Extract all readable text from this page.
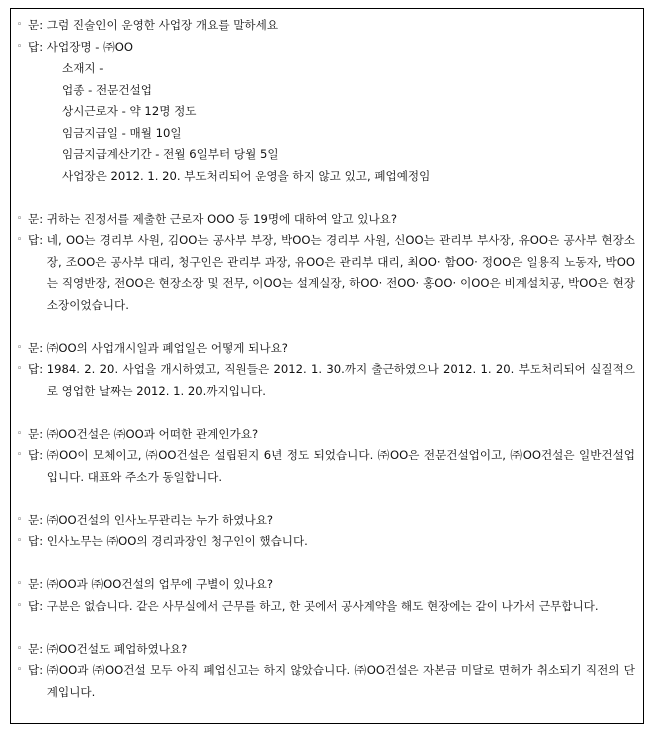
◦ 문: 그럼 진술인이 운영한 사업장 개요를 말하세요
◦ 답: 사업장명 - ㈜OO
소재지 -
업종 - 전문건설업
상시근로자 - 약 12명 정도
임금지급일 - 매월 10일
임금지급계산기간 - 전월 6일부터 당월 5일
사업장은 2012. 1. 20. 부도처리되어 운영을 하지 않고 있고, 폐업예정임
◦ 문: 귀하는 진정서를 제출한 근로자 OOO 등 19명에 대하여 알고 있나요?
◦ 답: 네, OO는 경리부 사원, 김OO는 공사부 부장, 박OO는 경리부 사원, 신OO는 관리부 부사장, 유OO은 공사부 현장소장, 조OO은 공사부 대리, 청구인은 관리부 과장, 유OO은 관리부 대리, 최OO· 함OO· 정OO은 일용직 노동자, 박OO는 직영반장, 전OO은 현장소장 및 전무, 이OO는 설계실장, 하OO· 전OO· 홍OO· 이OO은 비계설치공, 박OO은 현장소장이었습니다.
◦ 문: ㈜OO의 사업개시일과 폐업일은 어떻게 되나요?
◦ 답: 1984. 2. 20. 사업을 개시하였고, 직원들은 2012. 1. 30.까지 출근하였으나 2012. 1. 20. 부도처리되어 실질적으로 영업한 날짜는 2012. 1. 20.까지입니다.
◦ 문: ㈜OO건설은 ㈜OO과 어떠한 관계인가요?
◦ 답: ㈜OO이 모체이고, ㈜OO건설은 설립된지 6년 정도 되었습니다. ㈜OO은 전문건설업이고, ㈜OO건설은 일반건설업입니다. 대표와 주소가 동일합니다.
◦ 문: ㈜OO건설의 인사노무관리는 누가 하였나요?
◦ 답: 인사노무는 ㈜OO의 경리과장인 청구인이 했습니다.
◦ 문: ㈜OO과 ㈜OO건설의 업무에 구별이 있나요?
◦ 답: 구분은 없습니다. 같은 사무실에서 근무를 하고, 한 곳에서 공사계약을 해도 현장에는 같이 나가서 근무합니다.
◦ 문: ㈜OO건설도 폐업하였나요?
◦ 답: ㈜OO과 ㈜OO건설 모두 아직 폐업신고는 하지 않았습니다. ㈜OO건설은 자본금 미달로 면허가 취소되기 직전의 단계입니다.
